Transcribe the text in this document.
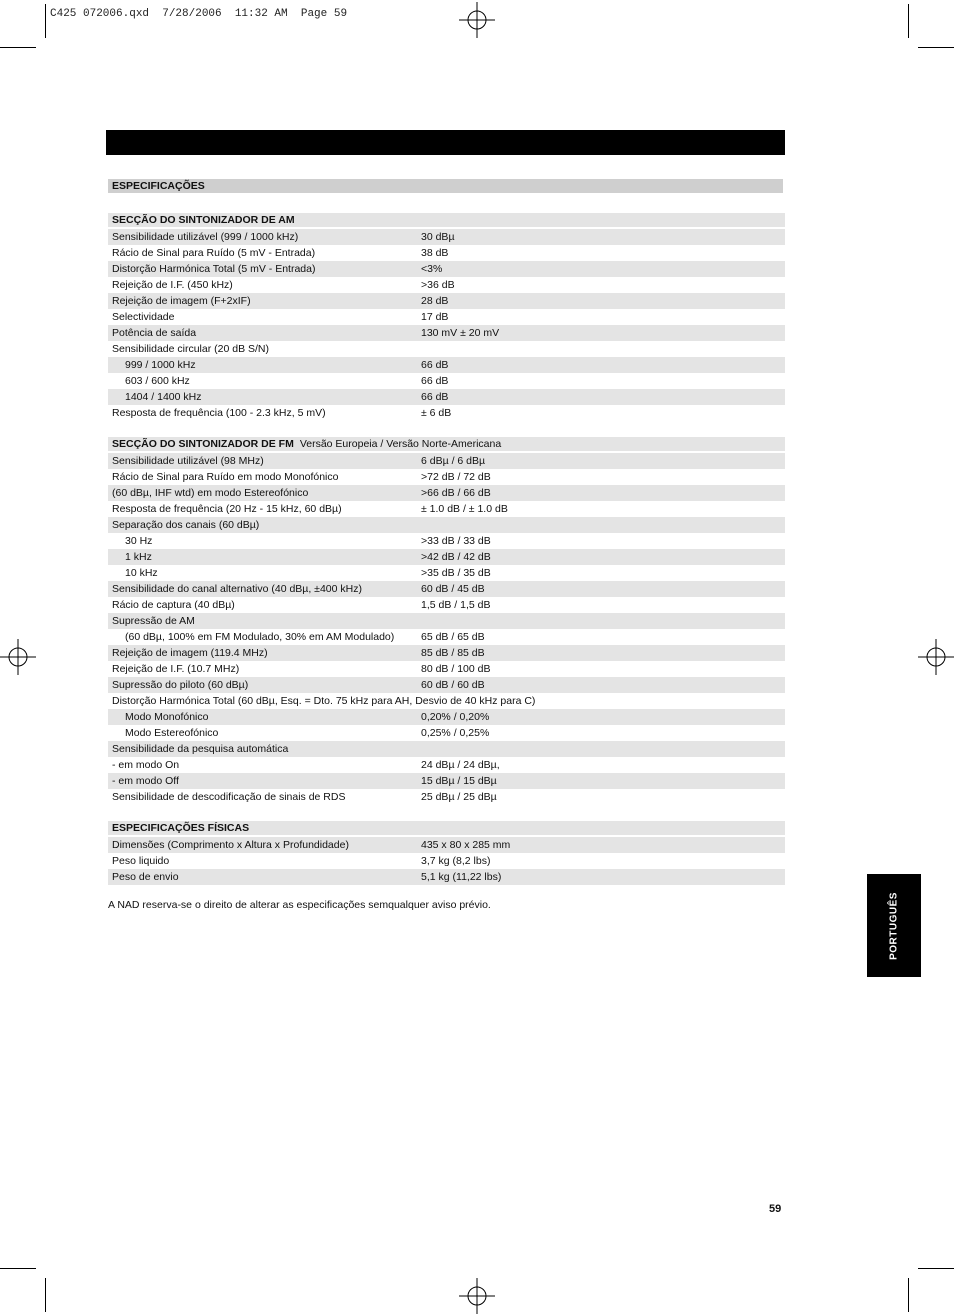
C425 072006.qxd  7/28/2006  11:32 AM  Page 59
ESPECIFICAÇÕES
SECÇÃO DO SINTONIZADOR DE AM
Sensibilidade utilizável (999 / 1000 kHz)	30 dBµ
Rácio de Sinal para Ruído (5 mV - Entrada)	38 dB
Distorção Harmónica Total (5 mV - Entrada)	<3%
Rejeição de I.F. (450 kHz)	>36 dB
Rejeição de imagem (F+2xIF)	28 dB
Selectividade	17 dB
Potência de saída	130 mV ± 20 mV
Sensibilidade circular (20 dB S/N)
999 / 1000 kHz	66 dB
603 / 600 kHz	66 dB
1404 / 1400 kHz	66 dB
Resposta de frequência (100 - 2.3 kHz, 5 mV)	± 6 dB
SECÇÃO DO SINTONIZADOR DE FM Versão Europeia / Versão Norte-Americana
Sensibilidade utilizável (98 MHz)	6 dBµ / 6 dBµ
Rácio de Sinal para Ruído em modo Monofónico	>72 dB / 72 dB
(60 dBµ, IHF wtd) em modo Estereofónico	>66 dB / 66 dB
Resposta de frequência (20 Hz - 15 kHz, 60 dBµ)	± 1.0 dB / ± 1.0 dB
Separação dos canais (60 dBµ)
30 Hz	>33 dB / 33 dB
1 kHz	>42 dB / 42 dB
10 kHz	>35 dB / 35 dB
Sensibilidade do canal alternativo (40 dBµ, ±400 kHz)	60 dB / 45 dB
Rácio de captura (40 dBµ)	1,5 dB / 1,5 dB
Supressão de AM
(60 dBµ, 100% em FM Modulado, 30% em AM Modulado)	65 dB / 65 dB
Rejeição de imagem (119.4 MHz)	85 dB / 85 dB
Rejeição de I.F. (10.7 MHz)	80 dB / 100 dB
Supressão do piloto (60 dBµ)	60 dB / 60 dB
Distorção Harmónica Total (60 dBµ, Esq. = Dto. 75 kHz para AH, Desvio de 40 kHz para C)
Modo Monofónico	0,20% / 0,20%
Modo Estereofónico	0,25% / 0,25%
Sensibilidade da pesquisa automática
- em modo On	24 dBµ / 24 dBµ,
- em modo Off	15 dBµ / 15 dBµ
Sensibilidade de descodificação de sinais de RDS	25 dBµ / 25 dBµ
ESPECIFICAÇÕES FÍSICAS
Dimensões (Comprimento x Altura x Profundidade)	435 x 80 x 285 mm
Peso liquido	3,7 kg (8,2 lbs)
Peso de envio	5,1 kg (11,22 lbs)
A NAD reserva-se o direito de alterar as especificações semqualquer aviso prévio.	PORTUGUÊS
59
